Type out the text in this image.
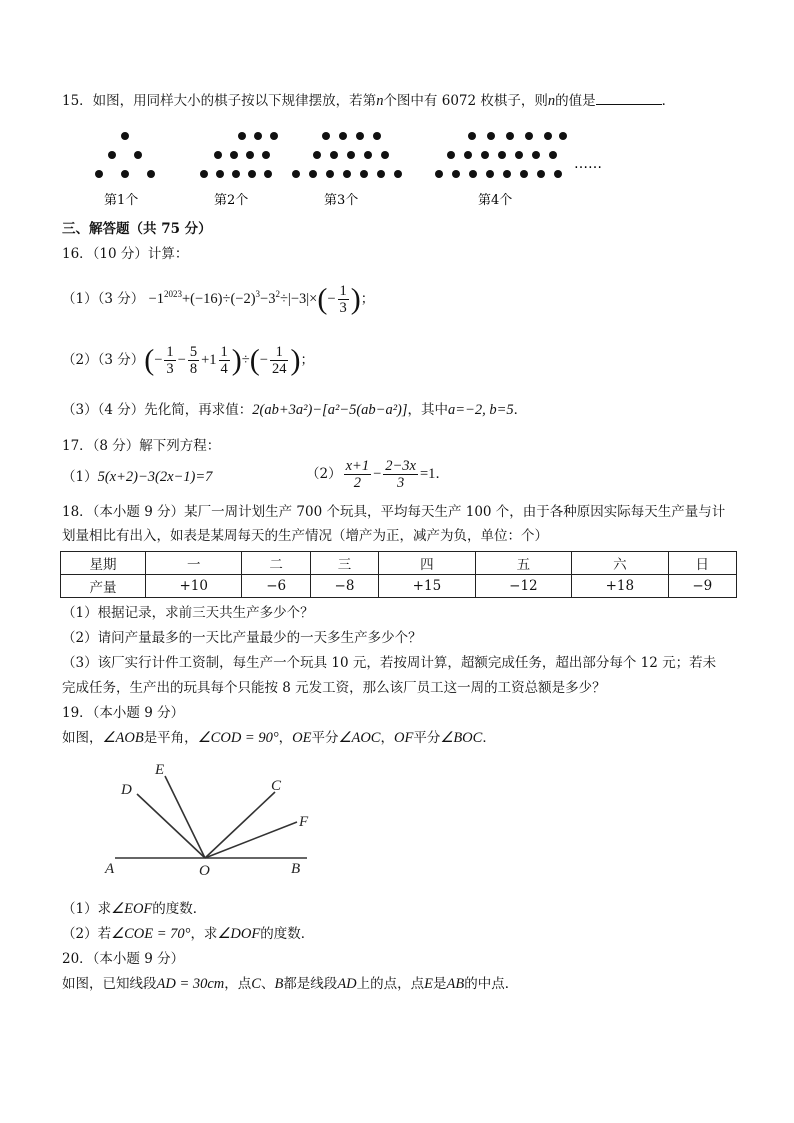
15．如图，用同样大小的棋子按以下规律摆放，若第n个图中有 6072 枚棋子，则n的值是	．
……
第1个	第2个	第3个	第4个
三、解答题（共 75 分）
16．（10 分）计算：
（1）（3 分） $-1^{2023}+(-16)\div(-2)^3-3^2\div|-3|\times(- \frac{1}{3}$ )；
（2）（3 分）(− $\frac{1}{3} - \frac{5}{8} +1 \frac{1}{4}$ )÷(− $\frac{1}{24}$ )；
（3）（4 分）先化简，再求值：2(ab+3a²)−[a²−5(ab−a²)]，其中a=−2, b=5．
17．（8 分）解下列方程：
（1）5(x+2)−3(2x−1)=7	$(2) \frac{x+1}{2} - \frac{2-3x}{3} =1$．
18．（本小题 9 分）某厂一周计划生产 700 个玩具，平均每天生产 100 个，由于各种原因实际每天生产量与计
划量相比有出入，如表是某周每天的生产情况（增产为正，减产为负，单位：个）
星期	一	二	三	四	五	六	日
产量	+10	−6	−8	+15	−12	+18	−9
（1）根据记录，求前三天共生产多少个？
（2）请问产量最多的一天比产量最少的一天多生产多少个？
（3）该厂实行计件工资制，每生产一个玩具 10 元，若按周计算，超额完成任务，超出部分每个 12 元；若未
完成任务，生产出的玩具每个只能按 8 元发工资，那么该厂员工这一周的工资总额是多少？
19．（本小题 9 分）
如图，∠AOB是平角，∠COD = 90°，OE平分∠AOC，OF平分∠BOC．
A	O	B
D
E
C
F
（1）求∠EOF的度数．
（2）若∠COE = 70°，求∠DOF的度数．
20．（本小题 9 分）
如图，已知线段AD = 30cm，点C、B都是线段AD上的点，点E是AB的中点．
